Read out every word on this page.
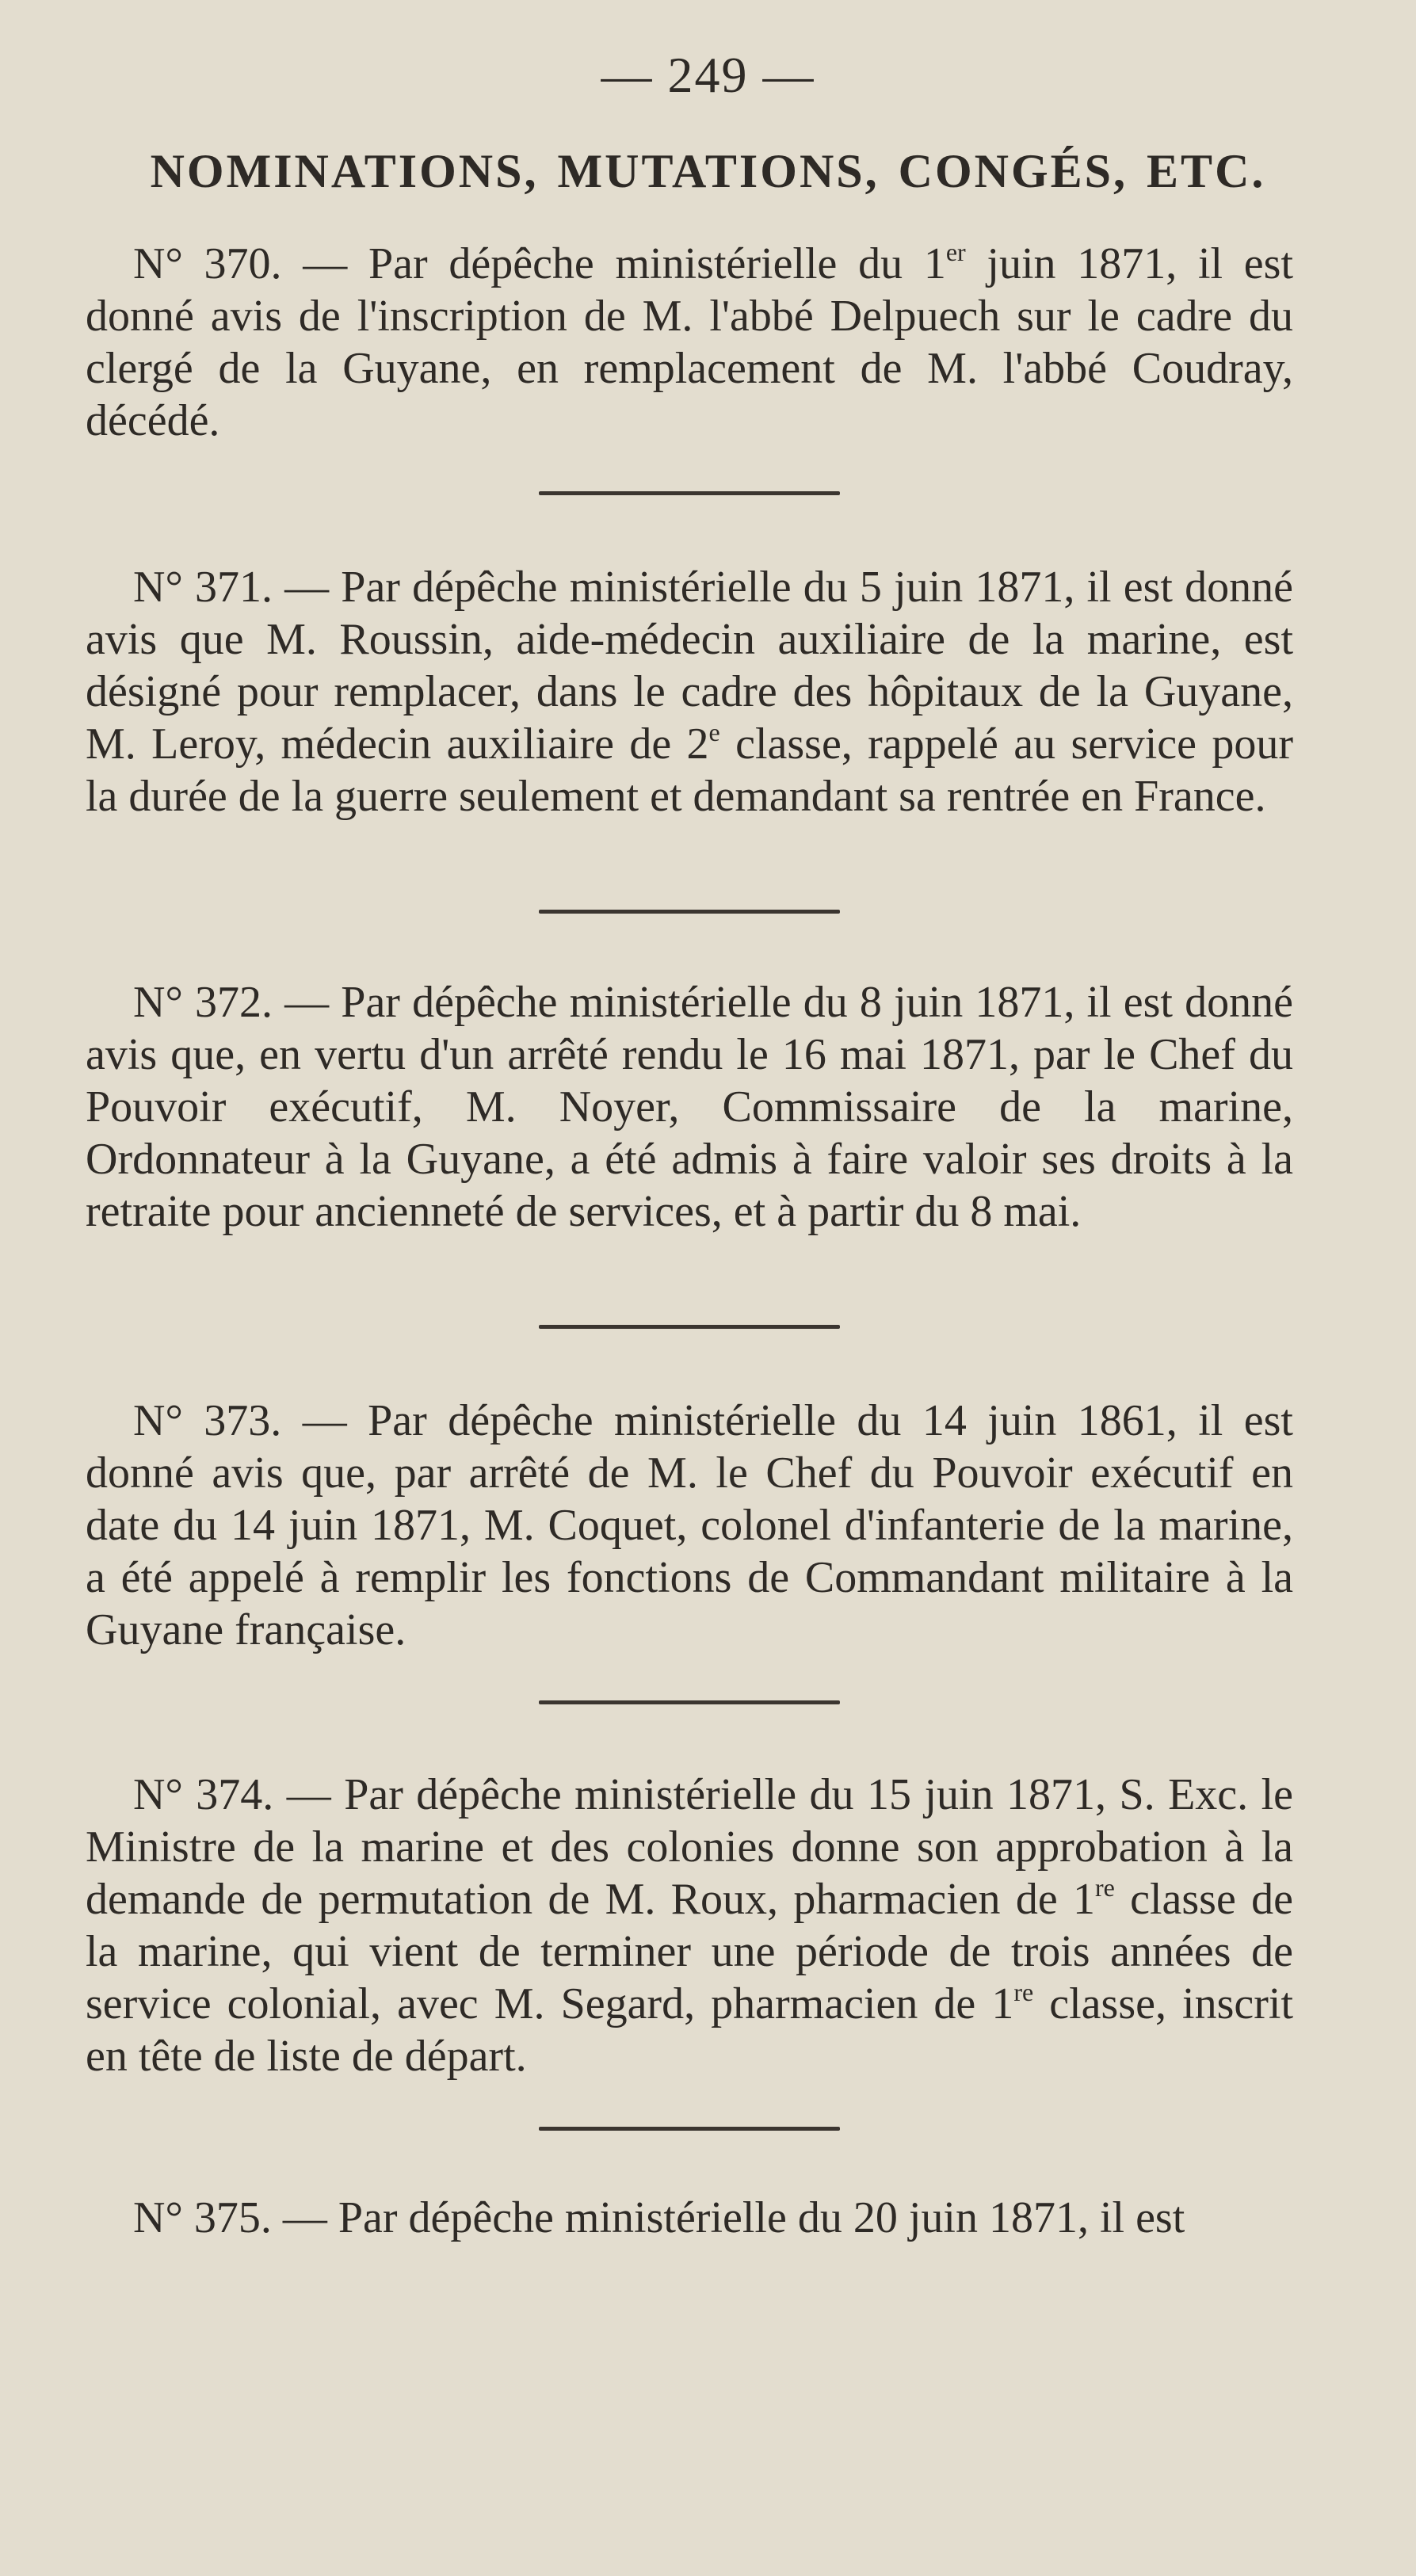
— 249 —
NOMINATIONS, MUTATIONS, CONGÉS, ETC.
N° 370. — Par dépêche ministérielle du 1er juin 1871, il est donné avis de l'inscription de M. l'abbé Delpuech sur le cadre du clergé de la Guyane, en remplacement de M. l'abbé Coudray, décédé.
N° 371. — Par dépêche ministérielle du 5 juin 1871, il est donné avis que M. Roussin, aide-médecin auxiliaire de la marine, est désigné pour remplacer, dans le cadre des hôpitaux de la Guyane, M. Leroy, médecin auxiliaire de 2e classe, rappelé au service pour la durée de la guerre seulement et demandant sa rentrée en France.
N° 372. — Par dépêche ministérielle du 8 juin 1871, il est donné avis que, en vertu d'un arrêté rendu le 16 mai 1871, par le Chef du Pouvoir exécutif, M. Noyer, Commissaire de la marine, Ordonnateur à la Guyane, a été admis à faire valoir ses droits à la retraite pour ancienneté de services, et à partir du 8 mai.
N° 373. — Par dépêche ministérielle du 14 juin 1861, il est donné avis que, par arrêté de M. le Chef du Pouvoir exécutif en date du 14 juin 1871, M. Coquet, colonel d'infanterie de la marine, a été appelé à remplir les fonctions de Commandant militaire à la Guyane française.
N° 374. — Par dépêche ministérielle du 15 juin 1871, S. Exc. le Ministre de la marine et des colonies donne son approbation à la demande de permutation de M. Roux, pharmacien de 1re classe de la marine, qui vient de terminer une période de trois années de service colonial, avec M. Segard, pharmacien de 1re classe, inscrit en tête de liste de départ.
N° 375. — Par dépêche ministérielle du 20 juin 1871, il est
